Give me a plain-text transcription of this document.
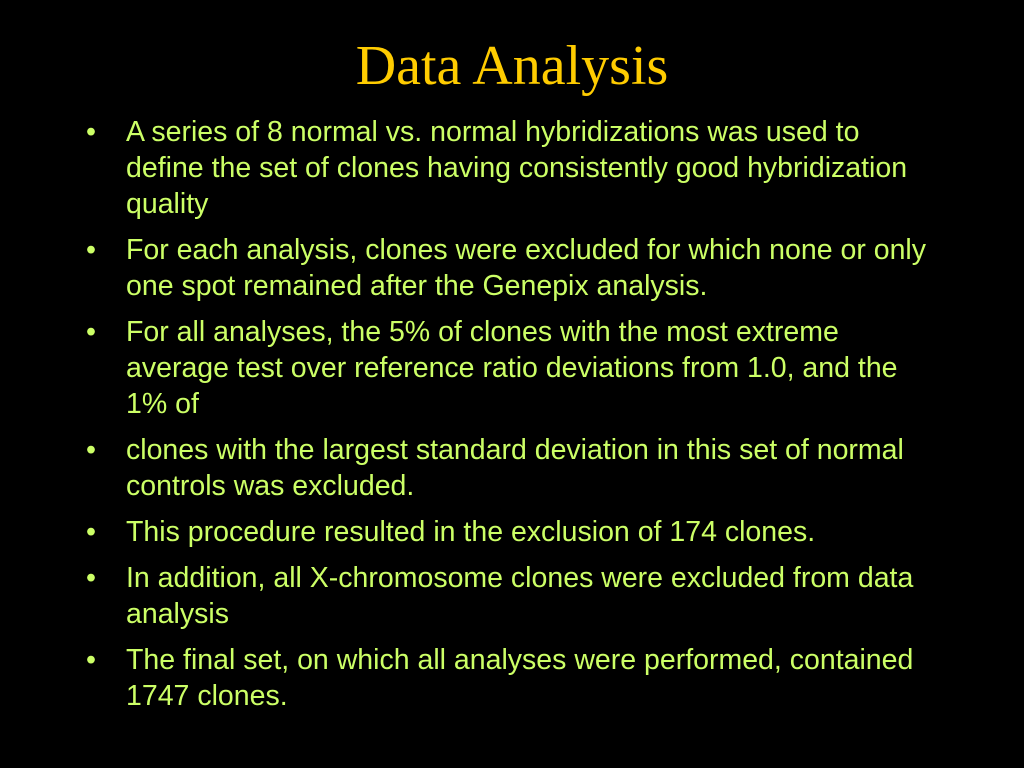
Data Analysis
• A series of 8 normal vs. normal hybridizations was used to define the set of clones having consistently good hybridization quality
• For each analysis, clones were excluded for which none or only one spot remained after the Genepix analysis.
• For all analyses, the 5% of clones with the most extreme average test over reference ratio deviations from 1.0, and the 1% of
• clones with the largest standard deviation in this set of normal controls was excluded.
• This procedure resulted in the exclusion of 174 clones.
• In addition, all X-chromosome clones were excluded from data analysis
• The final set, on which all analyses were performed, contained 1747 clones.
